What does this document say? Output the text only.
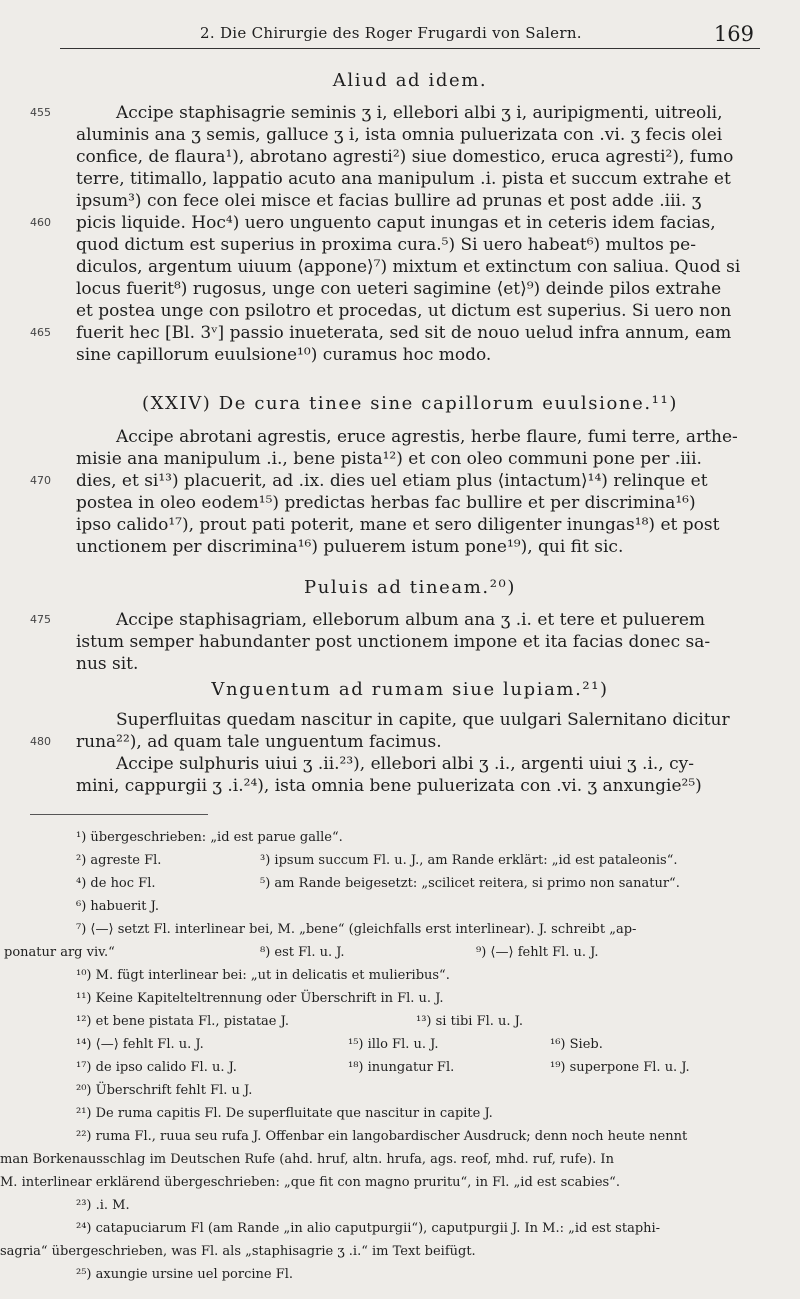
2. Die Chirurgie des Roger Frugardi von Salern.	169
Aliud ad idem.
455	Accipe staphisagrie seminis ʒ i, ellebori albi ʒ i, auripigmenti, uitreoli,
aluminis ana ʒ semis, galluce ʒ i, ista omnia puluerizata con .vi. ʒ fecis olei
confice, de flaura¹), abrotano agresti²) siue domestico, eruca agresti²), fumo
terre, titimallo, lappatio acuto ana manipulum .i. pista et succum extrahe et
ipsum³) con fece olei misce et facias bullire ad prunas et post adde .iii. ʒ
460 picis liquide. Hoc⁴) uero unguento caput inungas et in ceteris idem facias,
quod dictum est superius in proxima cura.⁵) Si uero habeat⁶) multos pe-
diculos, argentum uiuum ⟨appone⟩⁷) mixtum et extinctum con saliua. Quod si
locus fuerit⁸) rugosus, unge con ueteri sagimine ⟨et⟩⁹) deinde pilos extrahe
et postea unge con psilotro et procedas, ut dictum est superius. Si uero non
465 fuerit hec [Bl. 3ᵛ] passio inueterata, sed sit de nouo uelud infra annum, eam
sine capillorum euulsione¹⁰) curamus hoc modo.
(XXIV) De cura tinee sine capillorum euulsione.¹¹)
Accipe abrotani agrestis, eruce agrestis, herbe flaure, fumi terre, arthe-
misie ana manipulum .i., bene pista¹²) et con oleo communi pone per .iii.
470 dies, et si¹³) placuerit, ad .ix. dies uel etiam plus ⟨intactum⟩¹⁴) relinque et
postea in oleo eodem¹⁵) predictas herbas fac bullire et per discrimina¹⁶)
ipso calido¹⁷), prout pati poterit, mane et sero diligenter inungas¹⁸) et post
unctionem per discrimina¹⁶) puluerem istum pone¹⁹), qui fit sic.
Puluis ad tineam.²⁰)
475	Accipe staphisagriam, elleborum album ana ʒ .i. et tere et puluerem
istum semper habundanter post unctionem impone et ita facias donec sa-
nus sit.
Vnguentum ad rumam siue lupiam.²¹)
Superfluitas quedam nascitur in capite, que uulgari Salernitano dicitur
480 runa²²), ad quam tale unguentum facimus.
Accipe sulphuris uiui ʒ .ii.²³), ellebori albi ʒ .i., argenti uiui ʒ .i., cy-
mini, cappurgii ʒ .i.²⁴), ista omnia bene puluerizata con .vi. ʒ anxungie²⁵)
¹) übergeschrieben: „id est parue galle“.
²) agreste Fl.	³) ipsum succum Fl. u. J., am Rande erklärt: „id est pataleonis“.
⁴) de hoc Fl.	⁵) am Rande beigesetzt: „scilicet reitera, si primo non sanatur“.
⁶) habuerit J.
⁷) ⟨—⟩ setzt Fl. interlinear bei, M. „bene“ (gleichfalls erst interlinear). J. schreibt „ap-
ponatur arg viv.“	⁸) est Fl. u. J.	⁹) ⟨—⟩ fehlt Fl. u. J.
¹⁰) M. fügt interlinear bei: „ut in delicatis et mulieribus“.
¹¹) Keine Kapitelteltrennung oder Überschrift in Fl. u. J.
¹²) et bene pistata Fl., pistatae J.	¹³) si tibi Fl. u. J.
¹⁴) ⟨—⟩ fehlt Fl. u. J.	¹⁵) illo Fl. u. J.	¹⁶) Sieb.
¹⁷) de ipso calido Fl. u. J.	¹⁸) inungatur Fl.	¹⁹) superpone Fl. u. J.
²⁰) Überschrift fehlt Fl. u J.
²¹) De ruma capitis Fl. De superfluitate que nascitur in capite J.
²²) ruma Fl., ruua seu rufa J. Offenbar ein langobardischer Ausdruck; denn noch heute nennt
man Borkenausschlag im Deutschen Rufe (ahd. hruf, altn. hrufa, ags. reof, mhd. ruf, rufe). In
M. interlinear erklärend übergeschrieben: „que fit con magno pruritu“, in Fl. „id est scabies“.
²³) .i. M.
²⁴) catapuciarum Fl (am Rande „in alio caputpurgii“), caputpurgii J. In M.: „id est staphi-
sagria“ übergeschrieben, was Fl. als „staphisagrie ʒ .i.“ im Text beifügt.
²⁵) axungie ursine uel porcine Fl.
